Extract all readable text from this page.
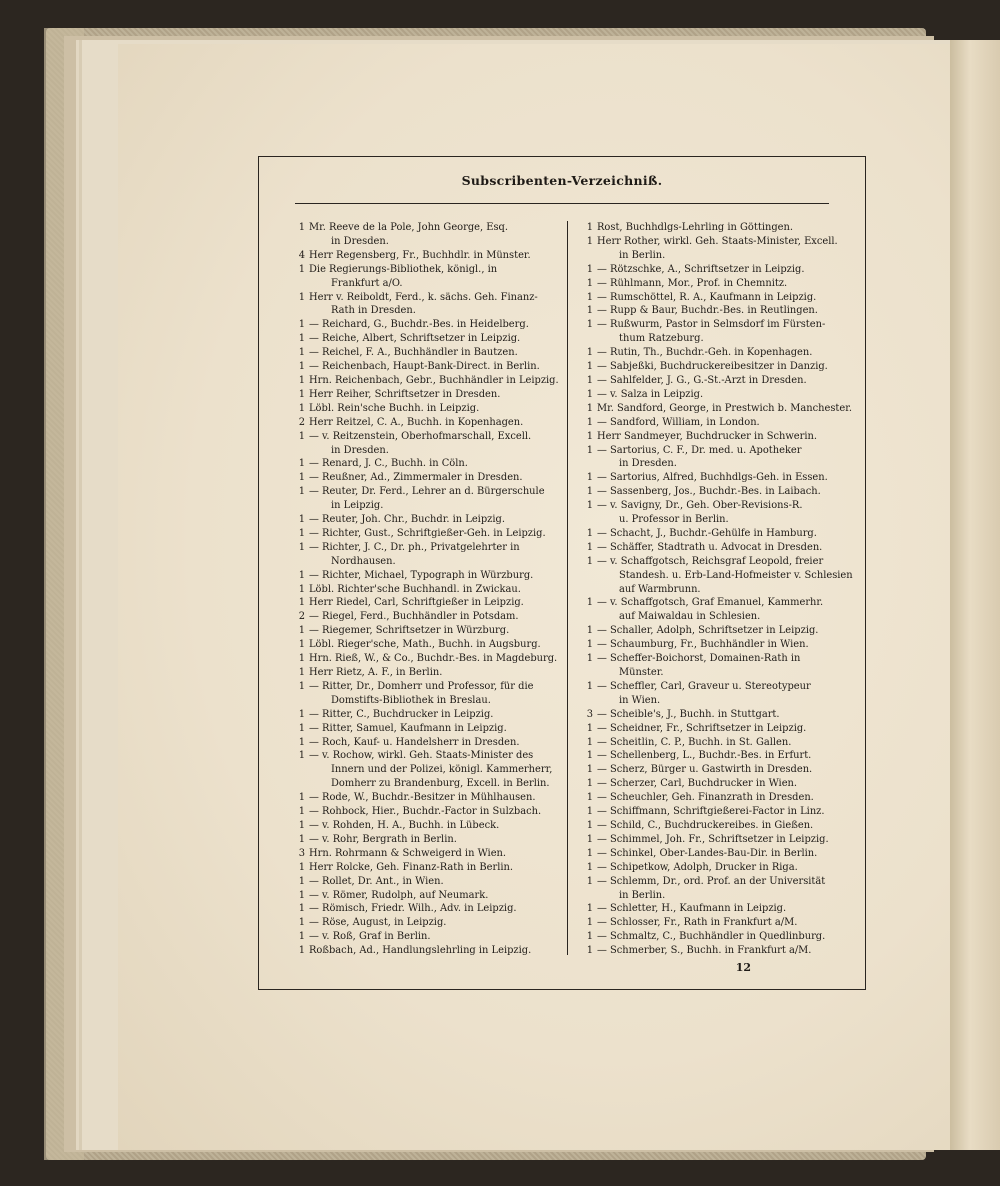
Subscribenten-Verzeichniß.
1 Mr. Reeve de la Pole, John George, Esq.
in Dresden.
4 Herr Regensberg, Fr., Buchhdlr. in Münster.
1 Die Regierungs-Bibliothek, königl., in
Frankfurt a/O.
1 Herr v. Reiboldt, Ferd., k. sächs. Geh. Finanz-
Rath in Dresden.
1 — Reichard, G., Buchdr.-Bes. in Heidelberg.
1 — Reiche, Albert, Schriftsetzer in Leipzig.
1 — Reichel, F. A., Buchhändler in Bautzen.
1 — Reichenbach, Haupt-Bank-Direct. in Berlin.
1 Hrn. Reichenbach, Gebr., Buchhändler in Leipzig.
1 Herr Reiher, Schriftsetzer in Dresden.
1 Löbl. Rein'sche Buchh. in Leipzig.
2 Herr Reitzel, C. A., Buchh. in Kopenhagen.
1 — v. Reitzenstein, Oberhofmarschall, Excell.
in Dresden.
1 — Renard, J. C., Buchh. in Cöln.
1 — Reußner, Ad., Zimmermaler in Dresden.
1 — Reuter, Dr. Ferd., Lehrer an d. Bürgerschule
in Leipzig.
1 — Reuter, Joh. Chr., Buchdr. in Leipzig.
1 — Richter, Gust., Schriftgießer-Geh. in Leipzig.
1 — Richter, J. C., Dr. ph., Privatgelehrter in
Nordhausen.
1 — Richter, Michael, Typograph in Würzburg.
1 Löbl. Richter'sche Buchhandl. in Zwickau.
1 Herr Riedel, Carl, Schriftgießer in Leipzig.
2 — Riegel, Ferd., Buchhändler in Potsdam.
1 — Riegemer, Schriftsetzer in Würzburg.
1 Löbl. Rieger'sche, Math., Buchh. in Augsburg.
1 Hrn. Rieß, W., & Co., Buchdr.-Bes. in Magdeburg.
1 Herr Rietz, A. F., in Berlin.
1 — Ritter, Dr., Domherr und Professor, für die
Domstifts-Bibliothek in Breslau.
1 — Ritter, C., Buchdrucker in Leipzig.
1 — Ritter, Samuel, Kaufmann in Leipzig.
1 — Roch, Kauf- u. Handelsherr in Dresden.
1 — v. Rochow, wirkl. Geh. Staats-Minister des
Innern und der Polizei, königl. Kammerherr,
Domherr zu Brandenburg, Excell. in Berlin.
1 — Rode, W., Buchdr.-Besitzer in Mühlhausen.
1 — Rohbock, Hier., Buchdr.-Factor in Sulzbach.
1 — v. Rohden, H. A., Buchh. in Lübeck.
1 — v. Rohr, Bergrath in Berlin.
3 Hrn. Rohrmann & Schweigerd in Wien.
1 Herr Rolcke, Geh. Finanz-Rath in Berlin.
1 — Rollet, Dr. Ant., in Wien.
1 — v. Römer, Rudolph, auf Neumark.
1 — Römisch, Friedr. Wilh., Adv. in Leipzig.
1 — Röse, August, in Leipzig.
1 — v. Roß, Graf in Berlin.
1 Roßbach, Ad., Handlungslehrling in Leipzig.
1 Rost, Buchhdlgs-Lehrling in Göttingen.
1 Herr Rother, wirkl. Geh. Staats-Minister, Excell.
in Berlin.
1 — Rötzschke, A., Schriftsetzer in Leipzig.
1 — Rühlmann, Mor., Prof. in Chemnitz.
1 — Rumschöttel, R. A., Kaufmann in Leipzig.
1 — Rupp & Baur, Buchdr.-Bes. in Reutlingen.
1 — Rußwurm, Pastor in Selmsdorf im Fürsten-
thum Ratzeburg.
1 — Rutin, Th., Buchdr.-Geh. in Kopenhagen.
1 — Sabjeßki, Buchdruckereibesitzer in Danzig.
1 — Sahlfelder, J. G., G.-St.-Arzt in Dresden.
1 — v. Salza in Leipzig.
1 Mr. Sandford, George, in Prestwich b. Manchester.
1 — Sandford, William, in London.
1 Herr Sandmeyer, Buchdrucker in Schwerin.
1 — Sartorius, C. F., Dr. med. u. Apotheker
in Dresden.
1 — Sartorius, Alfred, Buchhdlgs-Geh. in Essen.
1 — Sassenberg, Jos., Buchdr.-Bes. in Laibach.
1 — v. Savigny, Dr., Geh. Ober-Revisions-R.
u. Professor in Berlin.
1 — Schacht, J., Buchdr.-Gehülfe in Hamburg.
1 — Schäffer, Stadtrath u. Advocat in Dresden.
1 — v. Schaffgotsch, Reichsgraf Leopold, freier
Standesh. u. Erb-Land-Hofmeister v. Schlesien
auf Warmbrunn.
1 — v. Schaffgotsch, Graf Emanuel, Kammerhr.
auf Maiwaldau in Schlesien.
1 — Schaller, Adolph, Schriftsetzer in Leipzig.
1 — Schaumburg, Fr., Buchhändler in Wien.
1 — Scheffer-Boichorst, Domainen-Rath in
Münster.
1 — Scheffler, Carl, Graveur u. Stereotypeur
in Wien.
3 — Scheible's, J., Buchh. in Stuttgart.
1 — Scheidner, Fr., Schriftsetzer in Leipzig.
1 — Scheitlin, C. P., Buchh. in St. Gallen.
1 — Schellenberg, L., Buchdr.-Bes. in Erfurt.
1 — Scherz, Bürger u. Gastwirth in Dresden.
1 — Scherzer, Carl, Buchdrucker in Wien.
1 — Scheuchler, Geh. Finanzrath in Dresden.
1 — Schiffmann, Schriftgießerei-Factor in Linz.
1 — Schild, C., Buchdruckereibes. in Gießen.
1 — Schimmel, Joh. Fr., Schriftsetzer in Leipzig.
1 — Schinkel, Ober-Landes-Bau-Dir. in Berlin.
1 — Schipetkow, Adolph, Drucker in Riga.
1 — Schlemm, Dr., ord. Prof. an der Universität
in Berlin.
1 — Schletter, H., Kaufmann in Leipzig.
1 — Schlosser, Fr., Rath in Frankfurt a/M.
1 — Schmaltz, C., Buchhändler in Quedlinburg.
1 — Schmerber, S., Buchh. in Frankfurt a/M.
12
